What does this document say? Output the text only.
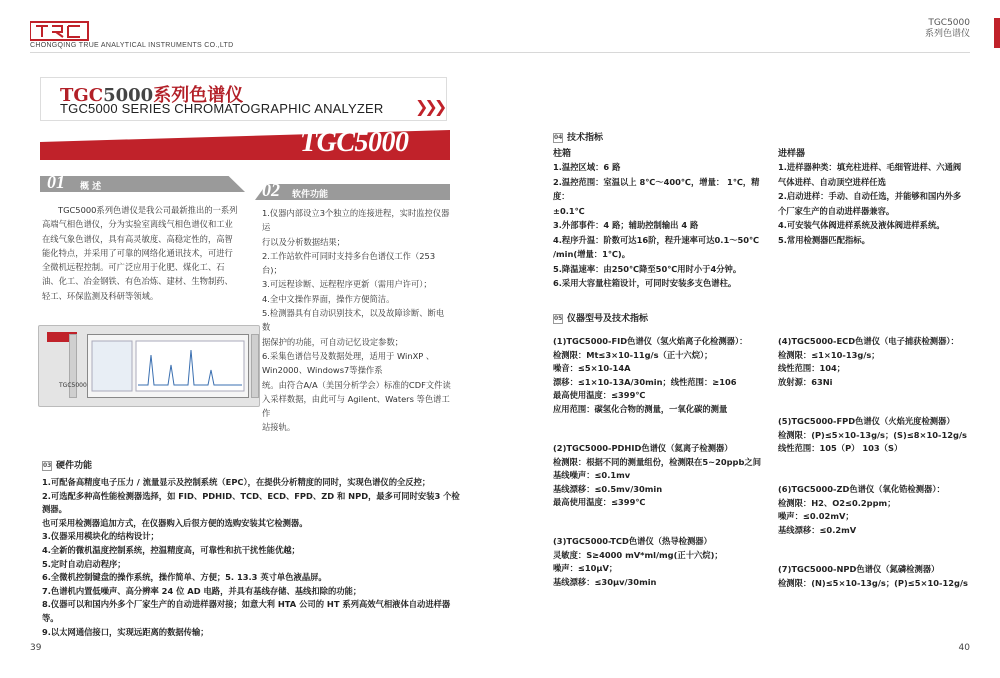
CHONGQING TRUE ANALYTICAL INSTRUMENTS CO.,LTD
TGC5000
系列色谱仪
TGC5000系列色谱仪
TGC5000 SERIES CHROMATOGRAPHIC ANALYZER ❯❯❯
TGC5000
01 概 述
TGC5000系列色谱仪是我公司最新推出的一系列
高端气相色谱仪，分为实验室离线气相色谱仪和工业
在线气象色谱仪，具有高灵敏度、高稳定性的，高智
能化特点，并采用了可靠的网络化通讯技术，可进行
全微机远程控制。可广泛应用于化肥、煤化工、石
油、化工、冶金钢铁、有色冶炼、建材、生物制药、
轻工、环保监测及科研等领域。
02 软件功能
1.仪器内部设立3个独立的连接进程，实时监控仪器运
行以及分析数据结果；
2.工作站软件可同时支持多台色谱仪工作（253
台)；
3.可远程诊断、远程程序更新（需用户许可）；
4.全中文操作界面，操作方便简洁。
5.检测器具有自动识别技术，以及故障诊断、断电数
据保护的功能，可自动记忆设定参数；
6.采集色谱信号及数据处理，适用于 WinXP 、
Win2000、Windows7等操作系
统。由符合A/A（美国分析学会）标准的CDF文件读
入采样数据，由此可与 Agilent、Waters 等色谱工作
站接轨。
TGC5000
03 硬件功能
1.可配备高精度电子压力 / 流量显示及控制系统（EPC），在提供分析精度的同时，实现色谱仪的全反控；
2.可选配多种高性能检测器选择，如 FID、PDHID、TCD、ECD、FPD、ZD 和 NPD，最多可同时安装3 个检测器。
也可采用检测器追加方式，在仪器购入后很方便的选购安装其它检测器。
3.仪器采用模块化的结构设计；
4.全新的微机温度控制系统，控温精度高，可靠性和抗干扰性能优越；
5.定时自动启动程序；
6.全微机控制键盘的操作系统，操作简单、方便；5. 13.3 英寸单色液晶屏。
7.色谱机内置低噪声、高分辨率 24 位 AD 电路，并具有基线存储、基线扣除的功能；
8.仪器可以和国内外多个厂家生产的自动进样器对接；如意大利 HTA 公司的 HT 系列高效气相液体自动进样器等。
9.以太网通信接口，实现远距离的数据传输；
04 技术指标
柱箱
1.温控区域：6 路
2.温控范围：室温以上 8℃～400℃，增量： 1℃，精度：
±0.1℃
3.外部事件：4 路；辅助控制输出 4 路
4.程序升温：阶数可达16阶，程升速率可达0.1～50℃
/min(增量：1℃)。
5.降温速率：由250℃降至50℃用时小于4分钟。
6.采用大容量柱箱设计，可同时安装多支色谱柱。
进样器
1.进样器种类：填充柱进样、毛细管进样、六通阀
气体进样、自动顶空进样任选
2.启动进样：手动、自动任选，并能够和国内外多
个厂家生产的自动进样器兼容。
4.可安装气体阀进样系统及液体阀进样系统。
5.常用检测器匹配指标。
05 仪器型号及技术指标
(1)TGC5000-FID色谱仪（氢火焰离子化检测器）：
检测限：Mt≤3×10-11g/s（正十六烷）；
噪音：≤5×10-14A
漂移：≤1×10-13A/30min；线性范围：≥106
最高使用温度：≤399℃
应用范围：碳氢化合物的测量，一氧化碳的测量
(2)TGC5000-PDHID色谱仪（氦离子检测器）
检测限：根据不同的测量组份，检测限在5~20ppb之间
基线噪声：≤0.1mv
基线漂移：≤0.5mv/30min
最高使用温度：≤399℃
(3)TGC5000-TCD色谱仪（热导检测器）
灵敏度：S≥4000 mV*ml/mg(正十六烷)；
噪声：≤10μV；
基线漂移：≤30μv/30min
(4)TGC5000-ECD色谱仪（电子捕获检测器）：
检测限：≤1×10-13g/s；
线性范围：104；
放射源：63Ni
(5)TGC5000-FPD色谱仪（火焰光度检测器）
检测限：(P)≤5×10-13g/s；(S)≤8×10-12g/s
线性范围：105（P） 103（S）
(6)TGC5000-ZD色谱仪（氧化锆检测器）：
检测限：H2、O2≤0.2ppm；
噪声：≤0.02mV；
基线漂移：≤0.2mV
(7)TGC5000-NPD色谱仪（氮磷检测器）
检测限：(N)≤5×10-13g/s；(P)≤5×10-12g/s
39	40
